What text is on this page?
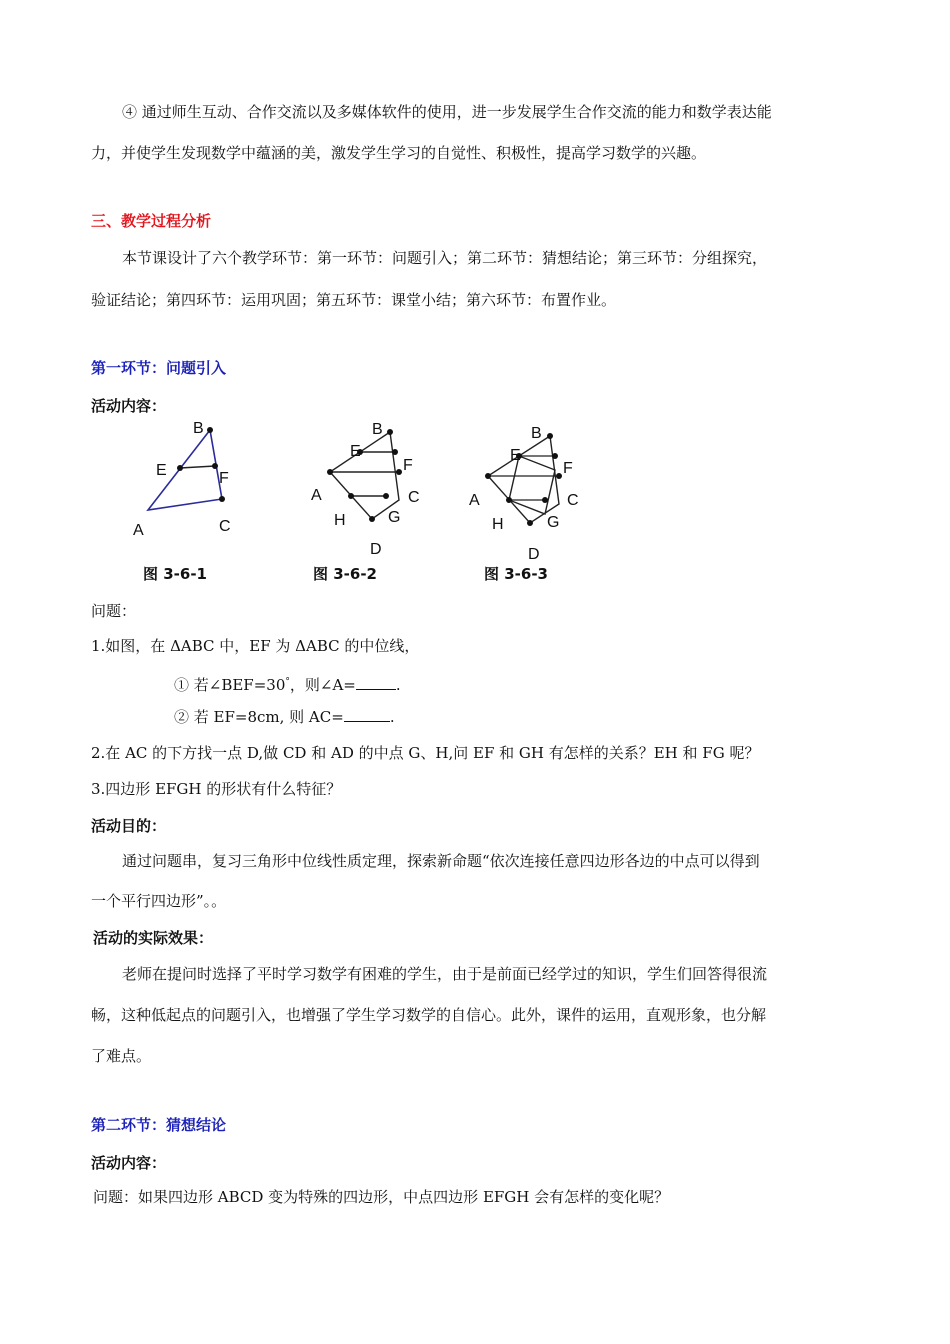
④ 通过师生互动、合作交流以及多媒体软件的使用，进一步发展学生合作交流的能力和数学表达能
力，并使学生发现数学中蕴涵的美，激发学生学习的自觉性、积极性，提高学习数学的兴趣。
三、教学过程分析
本节课设计了六个教学环节：第一环节：问题引入；第二环节：猜想结论；第三环节：分组探究，
验证结论；第四环节：运用巩固；第五环节：课堂小结；第六环节：布置作业。
第一环节：问题引入
活动内容：
B
E	F
A	C
B
E
F
A	C
H	G
D
B
E
F
A	C
H	G
D
图 3-6-1	图 3-6-2	图 3-6-3
问题：
1.如图，在 ΔABC 中，EF 为 ΔABC 的中位线，
① 若∠BEF=30°，则∠A=	.
② 若 EF=8cm, 则 AC=	.
2.在 AC 的下方找一点 D,做 CD 和 AD 的中点 G、H,问 EF 和 GH 有怎样的关系？EH 和 FG 呢？
3.四边形 EFGH 的形状有什么特征？
活动目的：
通过问题串，复习三角形中位线性质定理，探索新命题“依次连接任意四边形各边的中点可以得到
一个平行四边形”。。
活动的实际效果：
老师在提问时选择了平时学习数学有困难的学生，由于是前面已经学过的知识，学生们回答得很流
畅，这种低起点的问题引入，也增强了学生学习数学的自信心。此外，课件的运用，直观形象，也分解
了难点。
第二环节：猜想结论
活动内容：
问题：如果四边形 ABCD 变为特殊的四边形，中点四边形 EFGH 会有怎样的变化呢？
